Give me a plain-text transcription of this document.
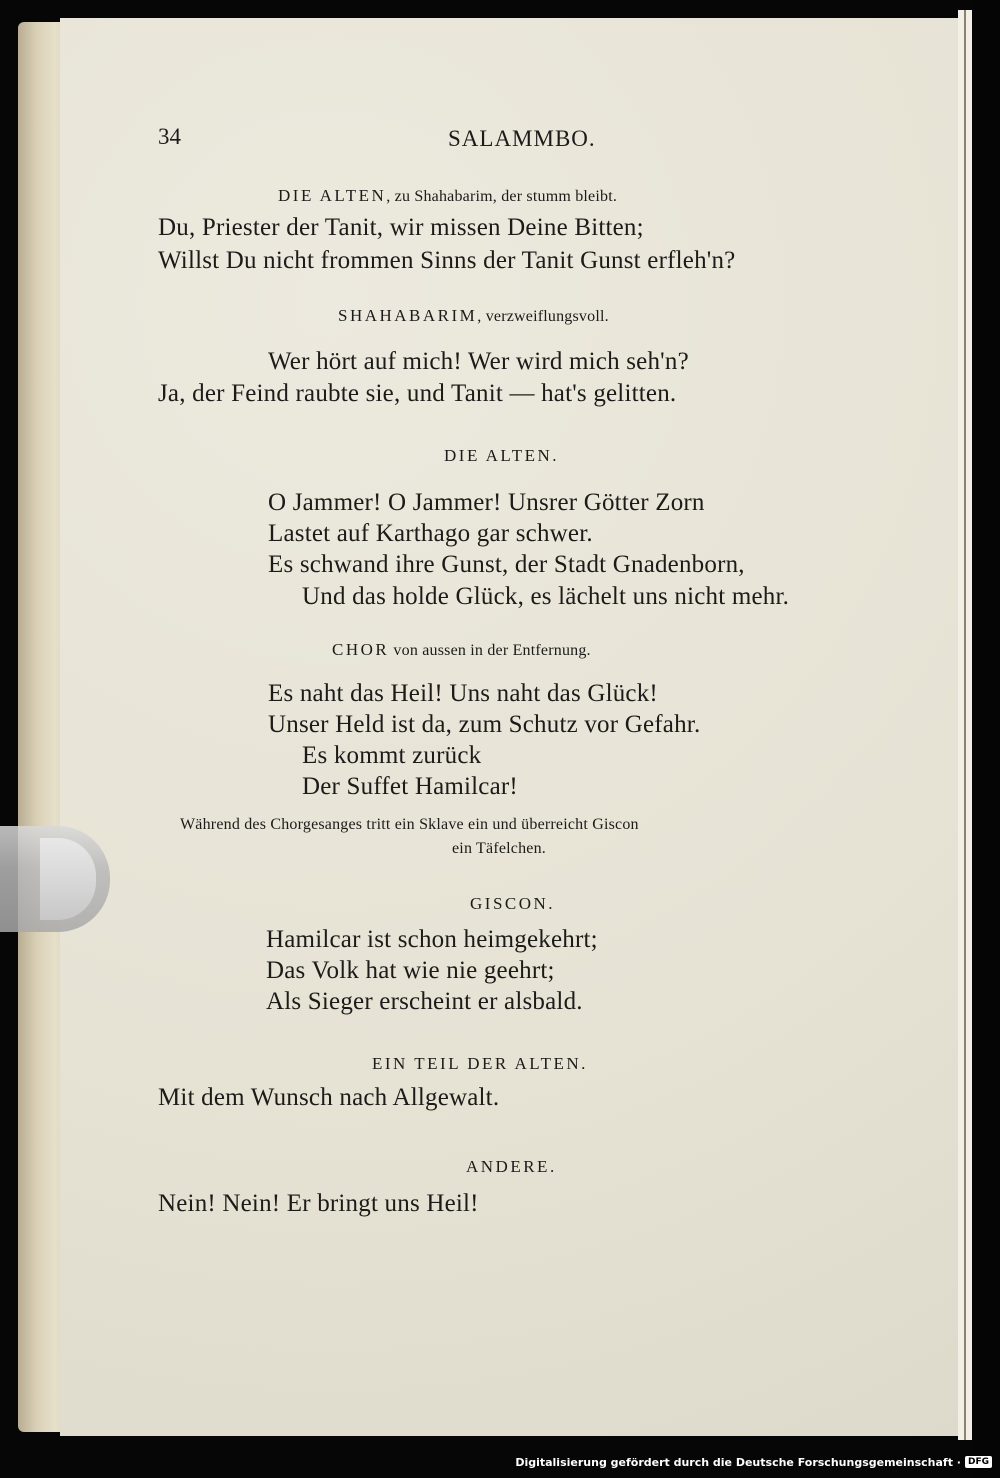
34	SALAMMBO.
DIE ALTEN, zu Shahabarim, der stumm bleibt.
Du, Priester der Tanit, wir missen Deine Bitten;
Willst Du nicht frommen Sinns der Tanit Gunst erfleh'n?
SHAHABARIM, verzweiflungsvoll.
Wer hört auf mich! Wer wird mich seh'n?
Ja, der Feind raubte sie, und Tanit — hat's gelitten.
DIE ALTEN.
O Jammer! O Jammer! Unsrer Götter Zorn
Lastet auf Karthago gar schwer.
Es schwand ihre Gunst, der Stadt Gnadenborn,
Und das holde Glück, es lächelt uns nicht mehr.
CHOR von aussen in der Entfernung.
Es naht das Heil! Uns naht das Glück!
Unser Held ist da, zum Schutz vor Gefahr.
Es kommt zurück
Der Suffet Hamilcar!
Während des Chorgesanges tritt ein Sklave ein und überreicht Giscon
ein Täfelchen.
GISCON.
Hamilcar ist schon heimgekehrt;
Das Volk hat wie nie geehrt;
Als Sieger erscheint er alsbald.
EIN TEIL DER ALTEN.
Mit dem Wunsch nach Allgewalt.
ANDERE.
Nein! Nein! Er bringt uns Heil!
Digitalisierung gefördert durch die Deutsche Forschungsgemeinschaft · DFG
